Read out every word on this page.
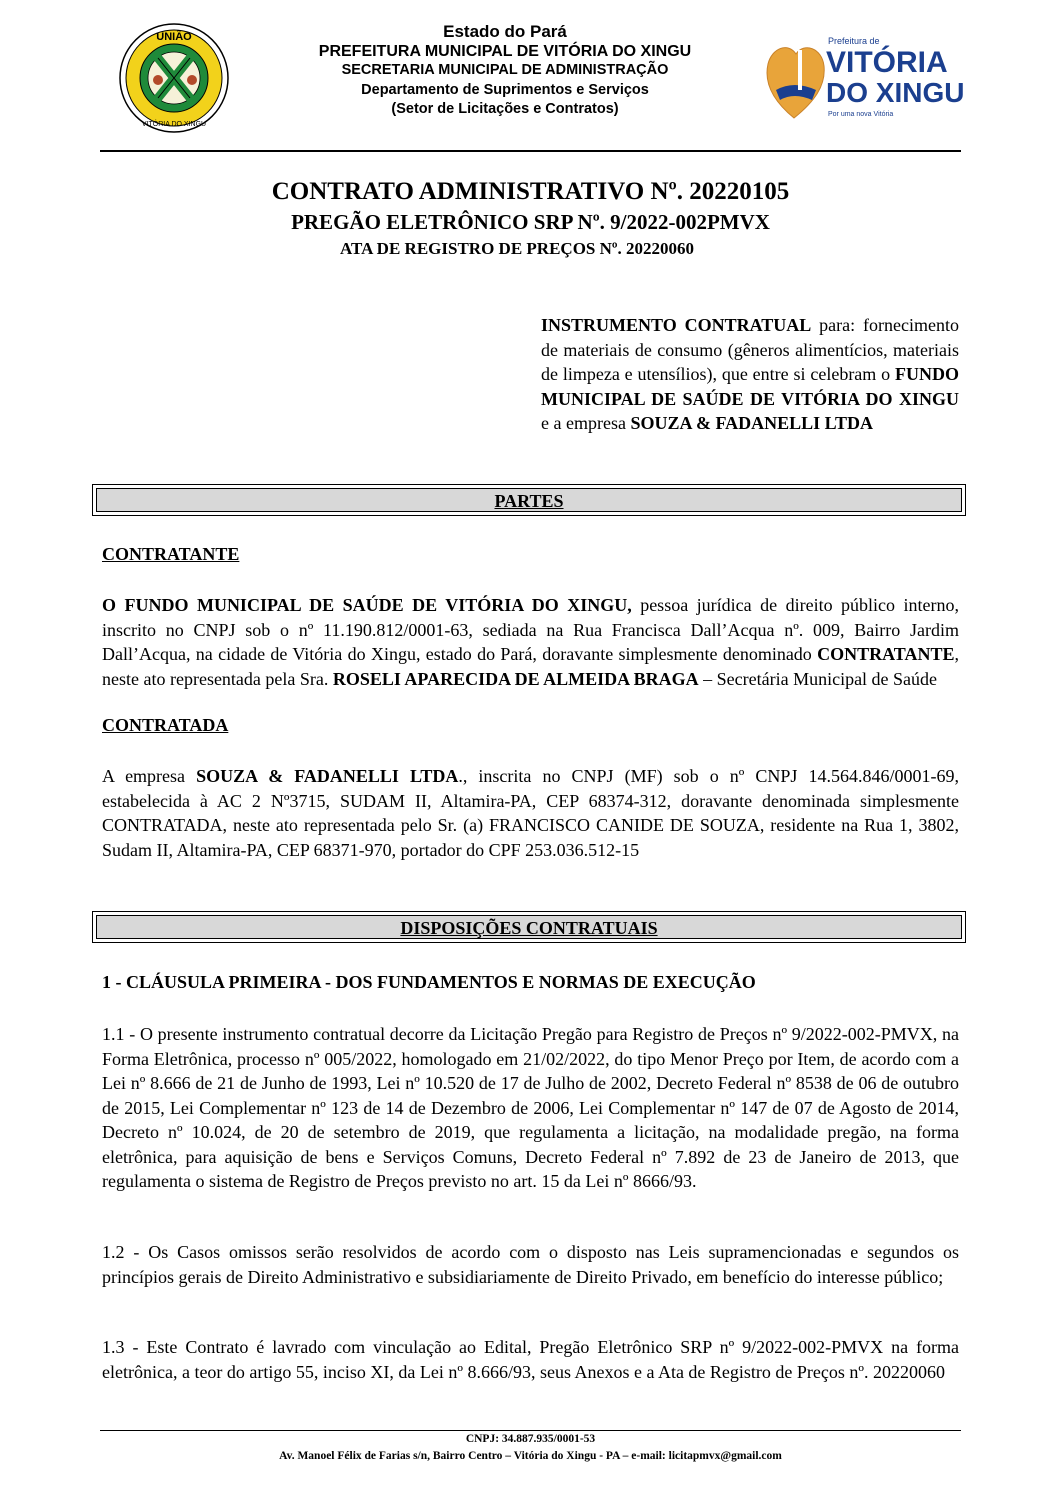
UNIÃO
VITÓRIA DO XINGU
Estado do Pará
PREFEITURA MUNICIPAL DE VITÓRIA DO XINGU
SECRETARIA MUNICIPAL DE ADMINISTRAÇÃO
Departamento de Suprimentos e Serviços
(Setor de Licitações e Contratos)
Prefeitura de
VITÓRIA
DO XINGU
Por uma nova Vitória
CONTRATO ADMINISTRATIVO Nº. 20220105
PREGÃO ELETRÔNICO SRP Nº. 9/2022-002PMVX
ATA DE REGISTRO DE PREÇOS Nº. 20220060
INSTRUMENTO CONTRATUAL para: fornecimento de materiais de consumo (gêneros alimentícios, materiais de limpeza e utensílios), que entre si celebram o FUNDO MUNICIPAL DE SAÚDE DE VITÓRIA DO XINGU e a empresa SOUZA & FADANELLI LTDA
PARTES
CONTRATANTE
O FUNDO MUNICIPAL DE SAÚDE DE VITÓRIA DO XINGU, pessoa jurídica de direito público interno, inscrito no CNPJ sob o nº 11.190.812/0001-63, sediada na Rua Francisca Dall’Acqua nº. 009, Bairro Jardim Dall’Acqua, na cidade de Vitória do Xingu, estado do Pará, doravante simplesmente denominado CONTRATANTE, neste ato representada pela Sra. ROSELI APARECIDA DE ALMEIDA BRAGA – Secretária Municipal de Saúde
CONTRATADA
A empresa SOUZA & FADANELLI LTDA., inscrita no CNPJ (MF) sob o nº CNPJ 14.564.846/0001-69, estabelecida à AC 2 Nº3715, SUDAM II, Altamira-PA, CEP 68374-312, doravante denominada simplesmente CONTRATADA, neste ato representada pelo Sr. (a) FRANCISCO CANIDE DE SOUZA, residente na Rua 1, 3802, Sudam II, Altamira-PA, CEP 68371-970, portador do CPF 253.036.512-15
DISPOSIÇÕES CONTRATUAIS
1 - CLÁUSULA PRIMEIRA - DOS FUNDAMENTOS E NORMAS DE EXECUÇÃO
1.1 - O presente instrumento contratual decorre da Licitação Pregão para Registro de Preços nº 9/2022-002-PMVX, na Forma Eletrônica, processo nº 005/2022, homologado em 21/02/2022, do tipo Menor Preço por Item, de acordo com a Lei nº 8.666 de 21 de Junho de 1993, Lei nº 10.520 de 17 de Julho de 2002, Decreto Federal nº 8538 de 06 de outubro de 2015, Lei Complementar nº 123 de 14 de Dezembro de 2006, Lei Complementar nº 147 de 07 de Agosto de 2014, Decreto nº 10.024, de 20 de setembro de 2019, que regulamenta a licitação, na modalidade pregão, na forma eletrônica, para aquisição de bens e Serviços Comuns, Decreto Federal nº 7.892 de 23 de Janeiro de 2013, que regulamenta o sistema de Registro de Preços previsto no art. 15 da Lei nº 8666/93.
1.2 - Os Casos omissos serão resolvidos de acordo com o disposto nas Leis supramencionadas e segundos os princípios gerais de Direito Administrativo e subsidiariamente de Direito Privado, em benefício do interesse público;
1.3 - Este Contrato é lavrado com vinculação ao Edital, Pregão Eletrônico SRP nº 9/2022-002-PMVX na forma eletrônica, a teor do artigo 55, inciso XI, da Lei nº 8.666/93, seus Anexos e a Ata de Registro de Preços nº. 20220060
CNPJ: 34.887.935/0001-53
Av. Manoel Félix de Farias s/n, Bairro Centro – Vitória do Xingu - PA – e-mail: licitapmvx@gmail.com
